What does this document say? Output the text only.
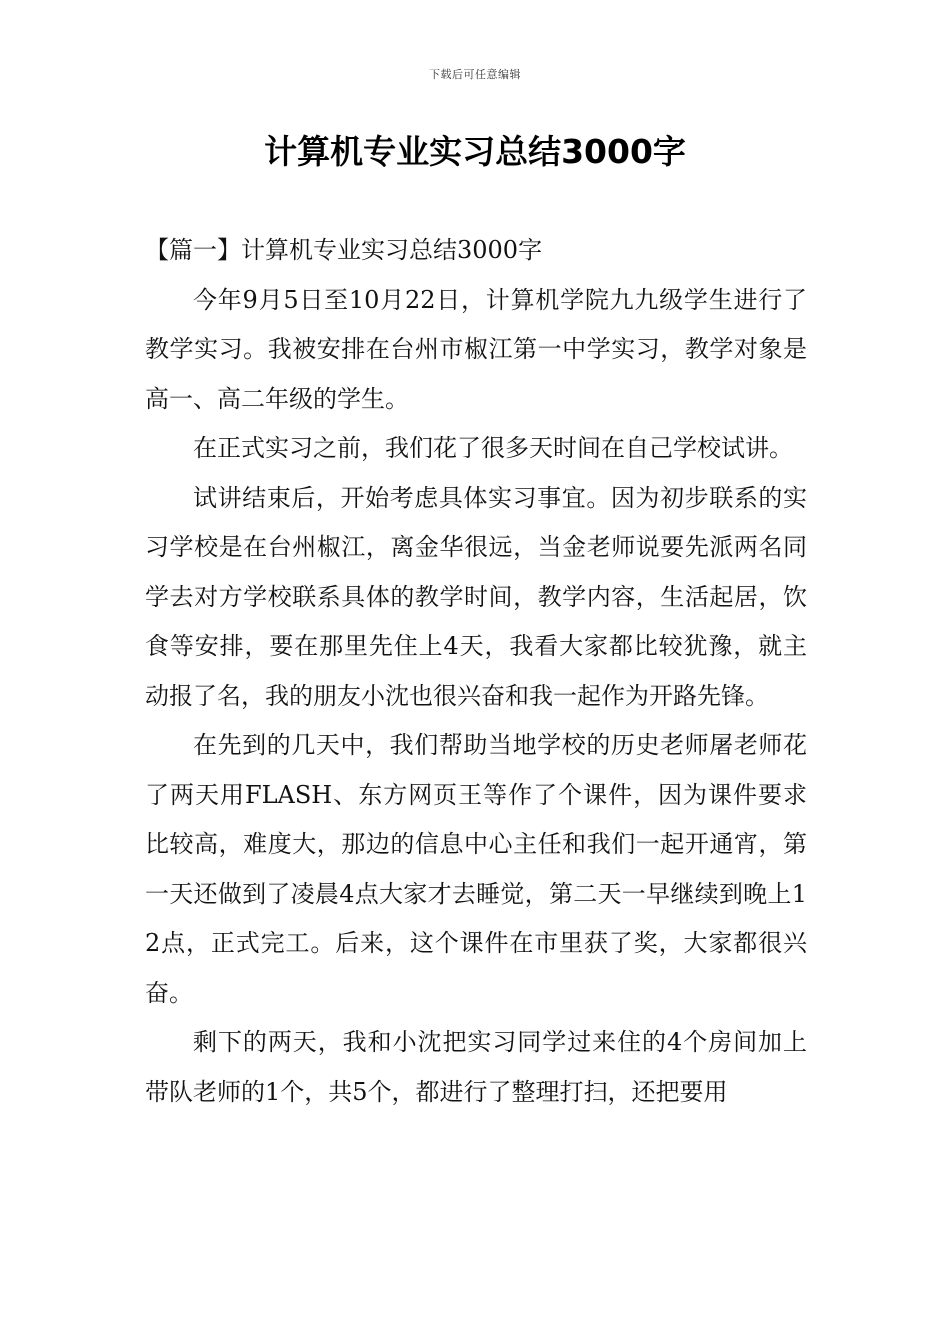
下载后可任意编辑
计算机专业实习总结3000字

【篇一】计算机专业实习总结3000字

今年9月5日至10月22日，计算机学院九九级学生进行了教学实习。我被安排在台州市椒江第一中学实习，教学对象是高一、高二年级的学生。

在正式实习之前，我们花了很多天时间在自己学校试讲。

试讲结束后，开始考虑具体实习事宜。因为初步联系的实习学校是在台州椒江，离金华很远，当金老师说要先派两名同学去对方学校联系具体的教学时间，教学内容，生活起居，饮食等安排，要在那里先住上4天，我看大家都比较犹豫，就主动报了名，我的朋友小沈也很兴奋和我一起作为开路先锋。

在先到的几天中，我们帮助当地学校的历史老师屠老师花了两天用FLASH、东方网页王等作了个课件，因为课件要求比较高，难度大，那边的信息中心主任和我们一起开通宵，第一天还做到了凌晨4点大家才去睡觉，第二天一早继续到晚上12点，正式完工。后来，这个课件在市里获了奖，大家都很兴奋。

剩下的两天，我和小沈把实习同学过来住的4个房间加上带队老师的1个，共5个，都进行了整理打扫，还把要用
